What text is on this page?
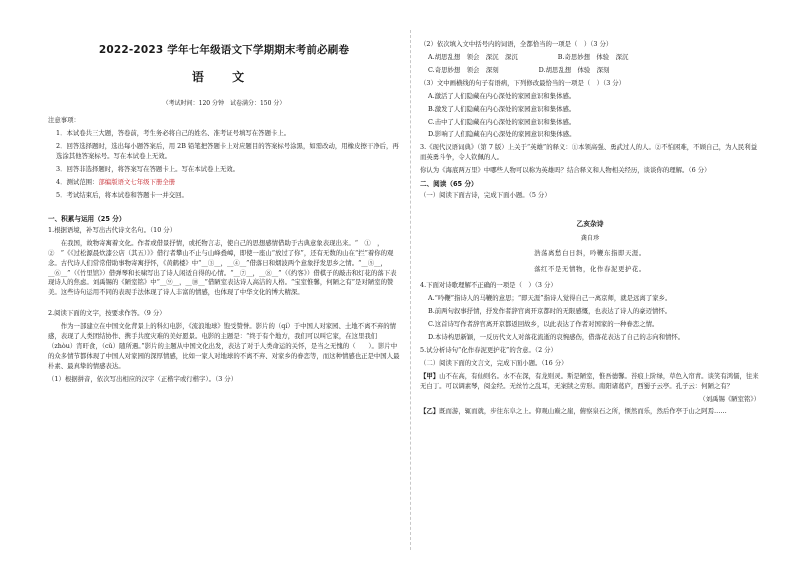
2022-2023 学年七年级语文下学期期末考前必刷卷
语 文
（考试时间：120 分钟　试卷满分：150 分）
注意事项：
1．本试卷共三大题，答卷前，考生务必将自己的姓名、准考证号填写在答题卡上。
2．回答选择题时，选出每小题答案后，用 2B 铅笔把答题卡上对应题目的答案标号涂黑，如需改动，用橡皮擦干净后，再选涂其他答案标号。写在本试卷上无效。
3．回答非选择题时，将答案写在答题卡上。写在本试卷上无效。
4．测试范围：部编版语文七年级下册全册
5．考试结束后，将本试卷和答题卡一并交回。
一、积累与运用（25 分）
1.根据语境，补写出古代诗文名句。（10 分）
　　在我国，故物寄寓着文化。作者或借景抒情，或托物言志，使自己的思想感情借助于古典意象表现出来。“　①　，　②　”《《过松源晨炊漆公店（其五）》》借行者攀山不止与山峰叠嶂，即使一座山“放过了你”，还有无数的山在“拦”着你的观念。古代诗人们常常借助事物寄寓抒怀，《黄鹤楼》中“__③__，__④__”借落日和烟波两个意象抒发思乡之情。“__⑤__，__⑥__”（《竹里馆》）借弹琴和长啸写出了诗人闲适自得的心情。“__⑦__，__⑧__”（《约客》）借棋子的敲击和灯花的落下表现诗人的焦虑。刘禹锡的《陋室铭》中“__⑨__，__⑩__”借陋室表达诗人高洁的人格。“宝室惟馨，何陋之有”是对陋室的赞美。这些诗句运用不同的表现手法体现了诗人丰富的情感，也体现了中华文化的博大精深。
2.阅读下面的文字，按要求作答。（9 分）
　　作为一部建立在中国文化背景上的科幻电影，《流浪地球》饱受赞誉。影片的（qí）于中国人对家园、土地不离不弃的情感，表现了人类团结协作、携手共度灾难的美好愿景。电影的主题是：“终于有个地方，我们可以叫它家，在这里我们（zhòu）宵旰食，（cǔ）随所遇。”影片的主题从中国文化出发，表达了对于人类命运的关怀，是当之无愧的（　　）。影片中的众多情节都体现了中国人对家园的深厚情感，比如一家人对地球的不离不弃、对家乡的眷恋等，而这种情感也正是中国人最朴素、最真挚的情感表达。
（1）根据拼音，依次写出相应的汉字（正楷字或行楷字）。（3 分）
（2）依次填入文中括号内的词语，全都恰当的一项是（　）（3 分）
A.胡思乱想　领会　深沉　深沉	B.奇思妙想　体验　深沉
C.奇思妙想　领会　深刻	D.胡思乱想　体验　深刻
（3）文中画横线的句子有语病，下列修改最恰当的一项是（　）（3 分）
A.激活了人们隐藏在内心深处的家园意识和集体感。
B.激发了人们隐藏在内心深处的家园意识和集体感。
C.击中了人们隐藏在内心深处的家园意识和集体感。
D.影响了人们隐藏在内心深处的家园意识和集体感。
3.《现代汉语词典》（第 7 版）上关于“英雄”的释义：①本领高强、勇武过人的人。②不怕困难，不顾自己，为人民利益而英勇斗争，令人钦佩的人。
你认为《海底两万里》中哪些人物可以称为英雄吗？结合释义和人物相关经历，谈谈你的理解。（6 分）
二、阅读（65 分）
（一）阅读下面古诗，完成下面小题。（5 分）
乙亥杂诗
龚自珍
浩荡离愁白日斜，吟鞭东指即天涯。
落红不是无情物，化作春泥更护花。
4.下面对诗歌理解不正确的一项是（　）（3 分）
A.“吟鞭”指诗人的马鞭的意思；“即天涯”指诗人觉得自己一离京师，就是远离了家乡。
B.前两句叙事抒情，抒发作者辞官离开京都时的无限感慨，也表达了诗人的豪迈情怀。
C.这首诗写作者辞官离开京都返回故乡，以此表达了作者对国家的一种眷恋之情。
D.本诗构思新颖，一反历代文人对落花流逝的哀惋感伤，借落花表达了自己的志向和情怀。
5.试分析诗句“化作春泥更护花”的含意。（2 分）
（二）阅读下面的文言文，完成下面小题。（16 分）
【甲】山不在高，有仙则名。水不在深，有龙则灵。斯是陋室，惟吾德馨。苔痕上阶绿，草色入帘青。谈笑有鸿儒，往来无白丁。可以调素琴，阅金经。无丝竹之乱耳，无案牍之劳形。南阳诸葛庐，西蜀子云亭。孔子云：何陋之有？
（刘禹锡《陋室铭》）
【乙】既而游，辄而就，步往东阜之上。仰观山巅之崖，俯察泉石之所，惬然而乐，然后作亭于山之阿焉……
